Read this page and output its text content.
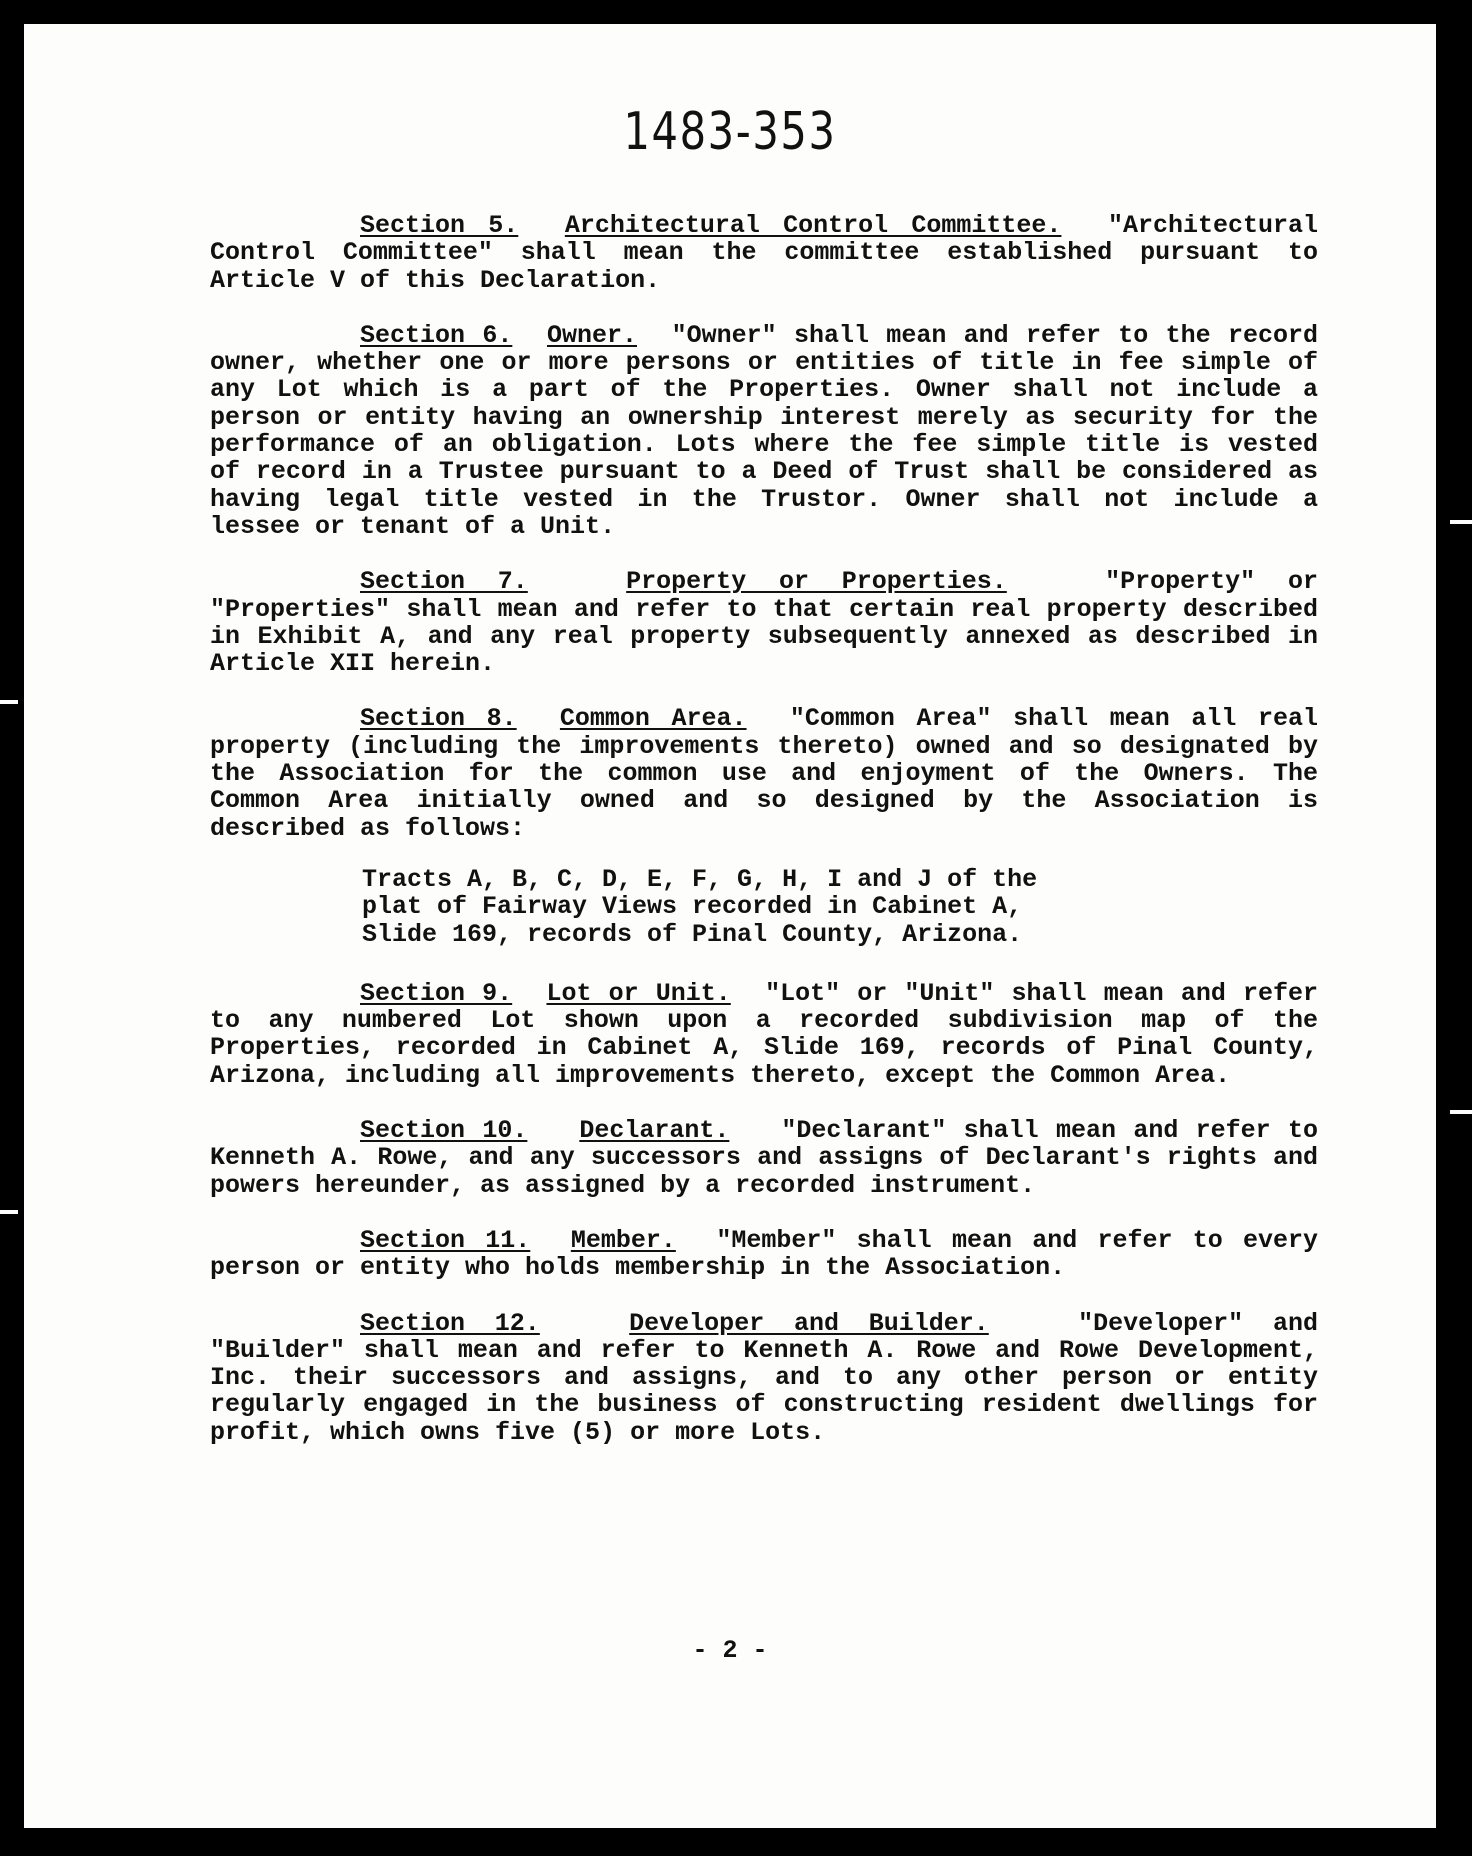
1483-353

Section 5. Architectural Control Committee. "Architectural Control Committee" shall mean the committee established pursuant to Article V of this Declaration.

Section 6. Owner. "Owner" shall mean and refer to the record owner, whether one or more persons or entities of title in fee simple of any Lot which is a part of the Properties. Owner shall not include a person or entity having an ownership interest merely as security for the performance of an obligation. Lots where the fee simple title is vested of record in a Trustee pursuant to a Deed of Trust shall be considered as having legal title vested in the Trustor. Owner shall not include a lessee or tenant of a Unit.

Section 7.	Property or Properties.	"Property" or "Properties" shall mean and refer to that certain real property described in Exhibit A, and any real property subsequently annexed as described in Article XII herein.

Section 8. Common Area. "Common Area" shall mean all real property (including the improvements thereto) owned and so designated by the Association for the common use and enjoyment of the Owners. The Common Area initially owned and so designed by the Association is described as follows:

Tracts A, B, C, D, E, F, G, H, I and J of the
plat of Fairway Views recorded in Cabinet A,
Slide 169, records of Pinal County, Arizona.

Section 9. Lot or Unit. "Lot" or "Unit" shall mean and refer to any numbered Lot shown upon a recorded subdivision map of the Properties, recorded in Cabinet A, Slide 169, records of Pinal County, Arizona, including all improvements thereto, except the Common Area.

Section 10. Declarant. "Declarant" shall mean and refer to Kenneth A. Rowe, and any successors and assigns of Declarant's rights and powers hereunder, as assigned by a recorded instrument.

Section 11. Member. "Member" shall mean and refer to every person or entity who holds membership in the Association.

Section 12.	Developer and Builder.	"Developer" and "Builder" shall mean and refer to Kenneth A. Rowe and Rowe Development, Inc. their successors and assigns, and to any other person or entity regularly engaged in the business of constructing resident dwellings for profit, which owns five (5) or more Lots.

- 2 -
